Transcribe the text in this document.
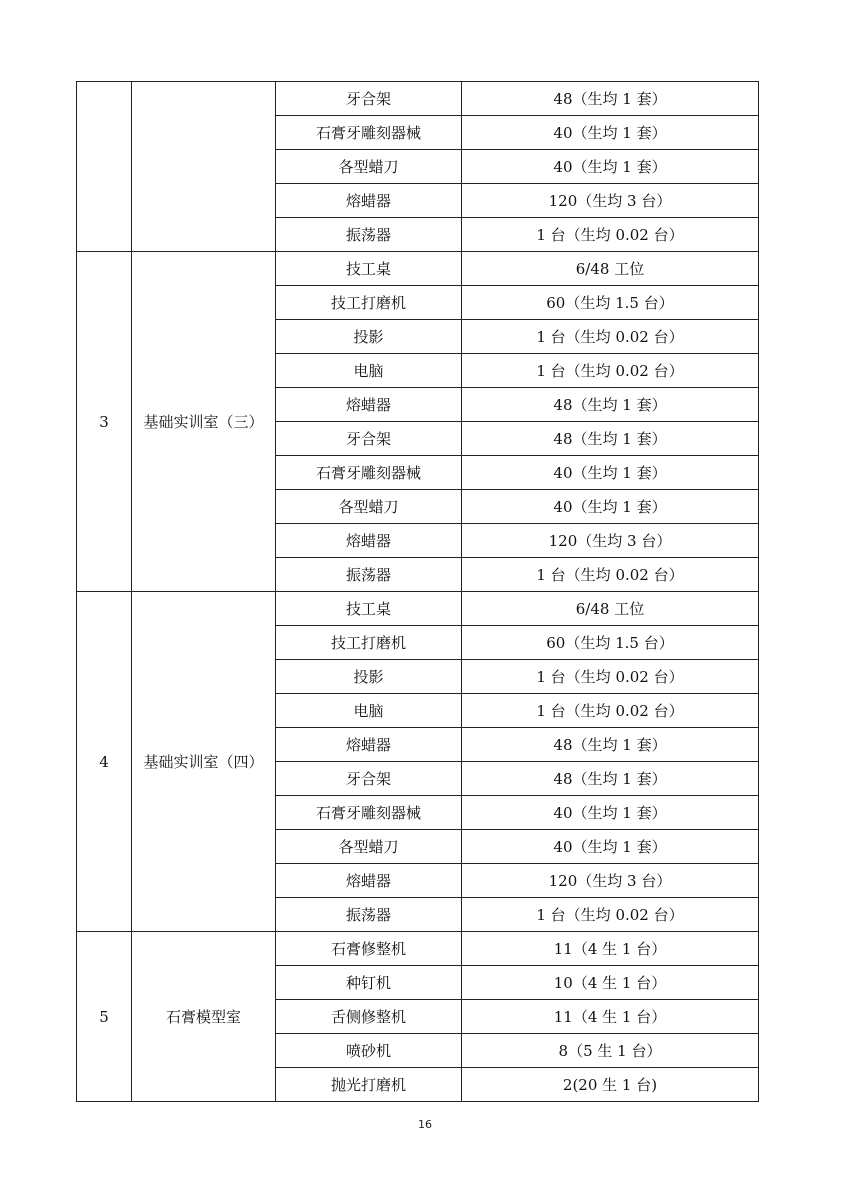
		牙合架	48（生均 1 套）
		石膏牙雕刻器械	40（生均 1 套）
		各型蜡刀	40（生均 1 套）
		熔蜡器	120（生均 3 台）
		振荡器	1 台（生均 0.02 台）
3	基础实训室（三）	技工桌	6/48 工位
		技工打磨机	60（生均 1.5 台）
		投影	1 台（生均 0.02 台）
		电脑	1 台（生均 0.02 台）
		熔蜡器	48（生均 1 套）
		牙合架	48（生均 1 套）
		石膏牙雕刻器械	40（生均 1 套）
		各型蜡刀	40（生均 1 套）
		熔蜡器	120（生均 3 台）
		振荡器	1 台（生均 0.02 台）
4	基础实训室（四）	技工桌	6/48 工位
		技工打磨机	60（生均 1.5 台）
		投影	1 台（生均 0.02 台）
		电脑	1 台（生均 0.02 台）
		熔蜡器	48（生均 1 套）
		牙合架	48（生均 1 套）
		石膏牙雕刻器械	40（生均 1 套）
		各型蜡刀	40（生均 1 套）
		熔蜡器	120（生均 3 台）
		振荡器	1 台（生均 0.02 台）
5	石膏模型室	石膏修整机	11（4 生 1 台）
		种钉机	10（4 生 1 台）
		舌侧修整机	11（4 生 1 台）
		喷砂机	8（5 生 1 台）
		抛光打磨机	2(20 生 1 台)
16
